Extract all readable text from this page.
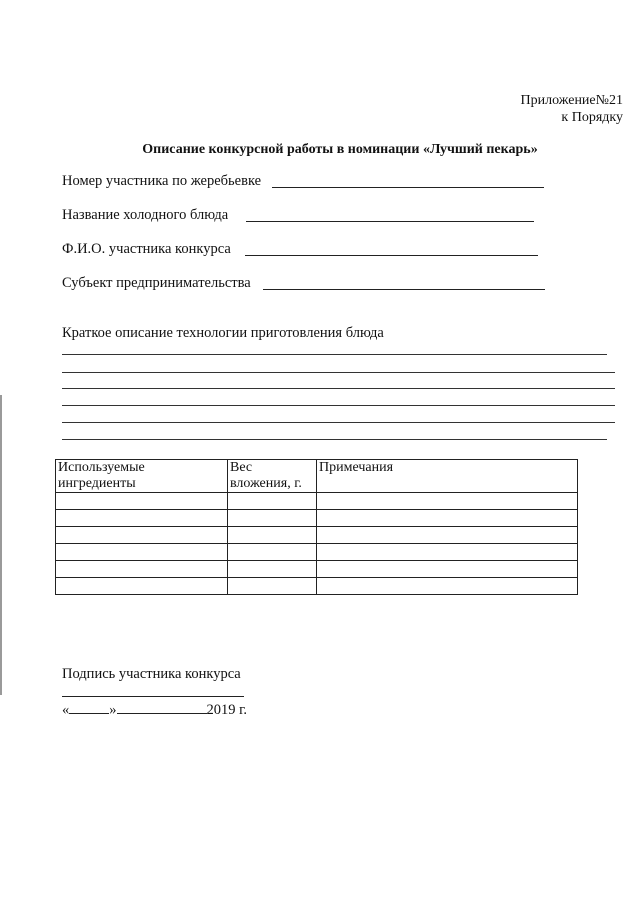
Приложение№21
к Порядку
Описание конкурсной работы в номинации «Лучший пекарь»
Номер участника по жеребьевке
Название холодного блюда
Ф.И.О. участника конкурса
Субъект предпринимательства
Краткое описание технологии приготовления блюда
Используемые ингредиенты	Вес вложения, г.	Примечания

Подпись участника конкурса
«	»	2019 г.
